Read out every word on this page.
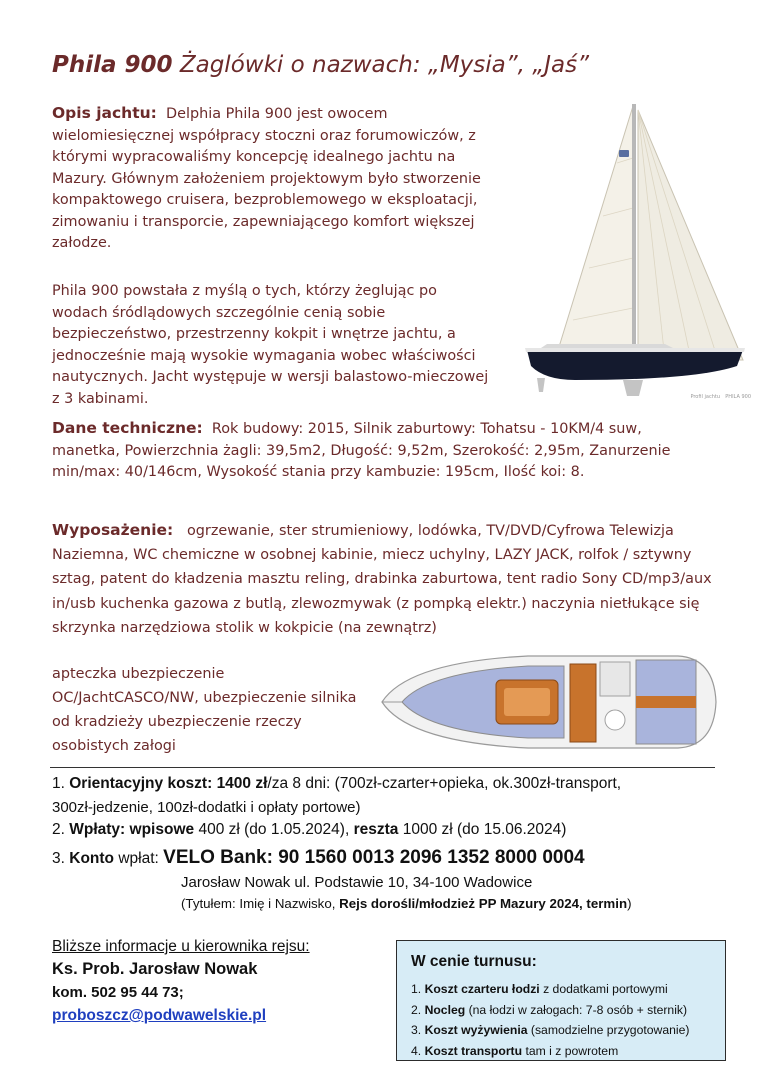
Phila 900 Żaglówki o nazwach: „Mysia”, „Jaś”

Opis jachtu: Delphia Phila 900 jest owocem wielomiesięcznej współpracy stoczni oraz forumowiczów, z którymi wypracowaliśmy koncepcję idealnego jachtu na Mazury. Głównym założeniem projektowym było stworzenie kompaktowego cruisera, bezproblemowego w eksploatacji, zimowaniu i transporcie, zapewniającego komfort większej załodze.

Phila 900 powstała z myślą o tych, którzy żeglując po wodach śródlądowych szczególnie cenią sobie bezpieczeństwo, przestrzenny kokpit i wnętrze jachtu, a jednocześnie mają wysokie wymagania wobec właściwości nautycznych. Jacht występuje w wersji balastowo-mieczowej z 3 kabinami.	Profil jachtu PHILA 900

Dane techniczne: Rok budowy: 2015, Silnik zaburtowy: Tohatsu - 10KM/4 suw, manetka, Powierzchnia żagli: 39,5m2, Długość: 9,52m, Szerokość: 2,95m, Zanurzenie min/max: 40/146cm, Wysokość stania przy kambuzie: 195cm, Ilość koi: 8.

Wyposażenie: ogrzewanie, ster strumieniowy, lodówka, TV/DVD/Cyfrowa Telewizja Naziemna, WC chemiczne w osobnej kabinie, miecz uchylny, LAZY JACK, rolfok / sztywny sztag, patent do kładzenia masztu reling, drabinka zaburtowa, tent radio Sony CD/mp3/aux in/usb kuchenka gazowa z butlą, zlewozmywak (z pompką elektr.) naczynia nietłukące się skrzynka narzędziowa stolik w kokpicie (na zewnątrz)

apteczka ubezpieczenie OC/JachtCASCO/NW, ubezpieczenie silnika od kradzieży ubezpieczenie rzeczy osobistych załogi

1. Orientacyjny koszt: 1400 zł/za 8 dni: (700zł-czarter+opieka, ok.300zł-transport,
300zł-jedzenie, 100zł-dodatki i opłaty portowe)
2. Wpłaty: wpisowe 400 zł (do 1.05.2024), reszta 1000 zł (do 15.06.2024)
3. Konto wpłat: VELO Bank: 90 1560 0013 2096 1352 8000 0004
Jarosław Nowak ul. Podstawie 10, 34-100 Wadowice
(Tytułem: Imię i Nazwisko, Rejs dorośli/młodzież PP Mazury 2024, termin)
Bliższe informacje u kierownika rejsu:
Ks. Prob. Jarosław Nowak
kom. 502 95 44 73;
proboszcz@podwawelskie.pl
W cenie turnusu:
1. Koszt czarteru łodzi z dodatkami portowymi
2. Nocleg (na łodzi w załogach: 7-8 osób + sternik)
3. Koszt wyżywienia (samodzielne przygotowanie)
4. Koszt transportu tam i z powrotem
